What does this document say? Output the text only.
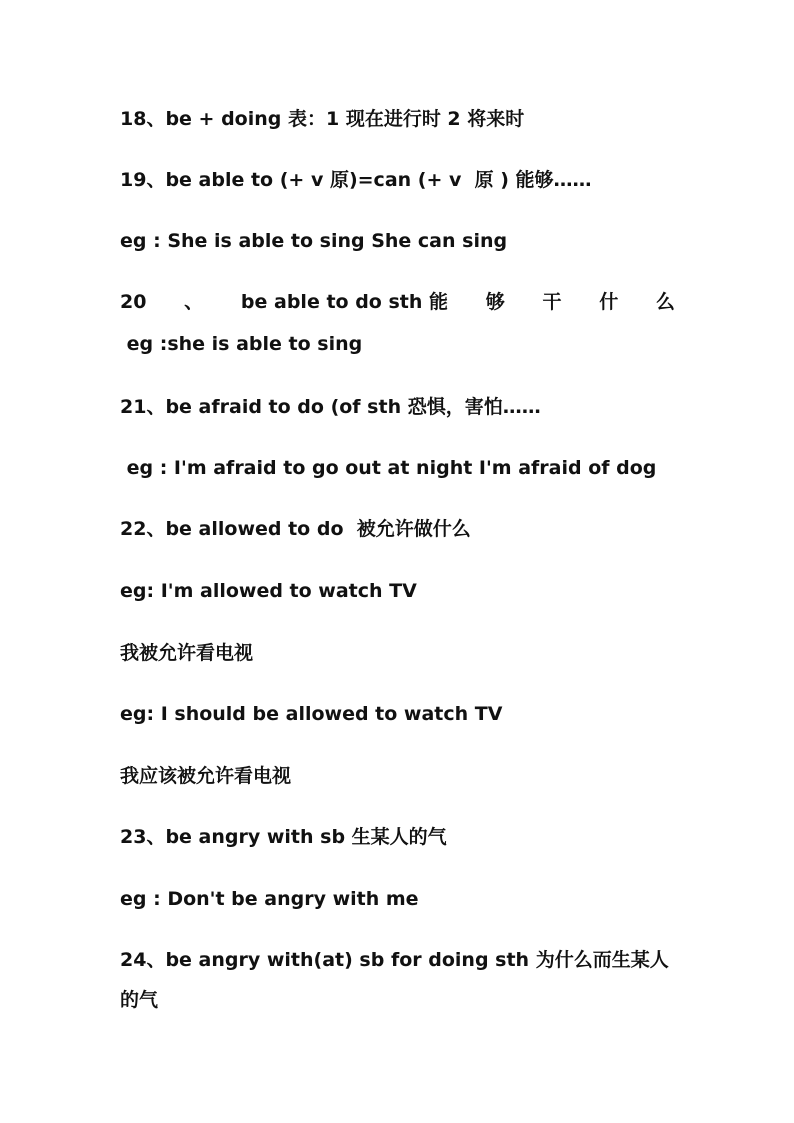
18、be + doing 表：1 现在进行时 2 将来时
19、be able to (+ v 原)=can (+ v  原 ) 能够……
eg : She is able to sing She can sing
20 、 be able to do sth 能 够 干 什 么
eg :she is able to sing
21、be afraid to do (of sth 恐惧，害怕……
eg : I'm afraid to go out at night I'm afraid of dog
22、be allowed to do  被允许做什么
eg: I'm allowed to watch TV
我被允许看电视
eg: I should be allowed to watch TV
我应该被允许看电视
23、be angry with sb 生某人的气
eg : Don't be angry with me
24、be angry with(at) sb for doing sth 为什么而生某人的气
